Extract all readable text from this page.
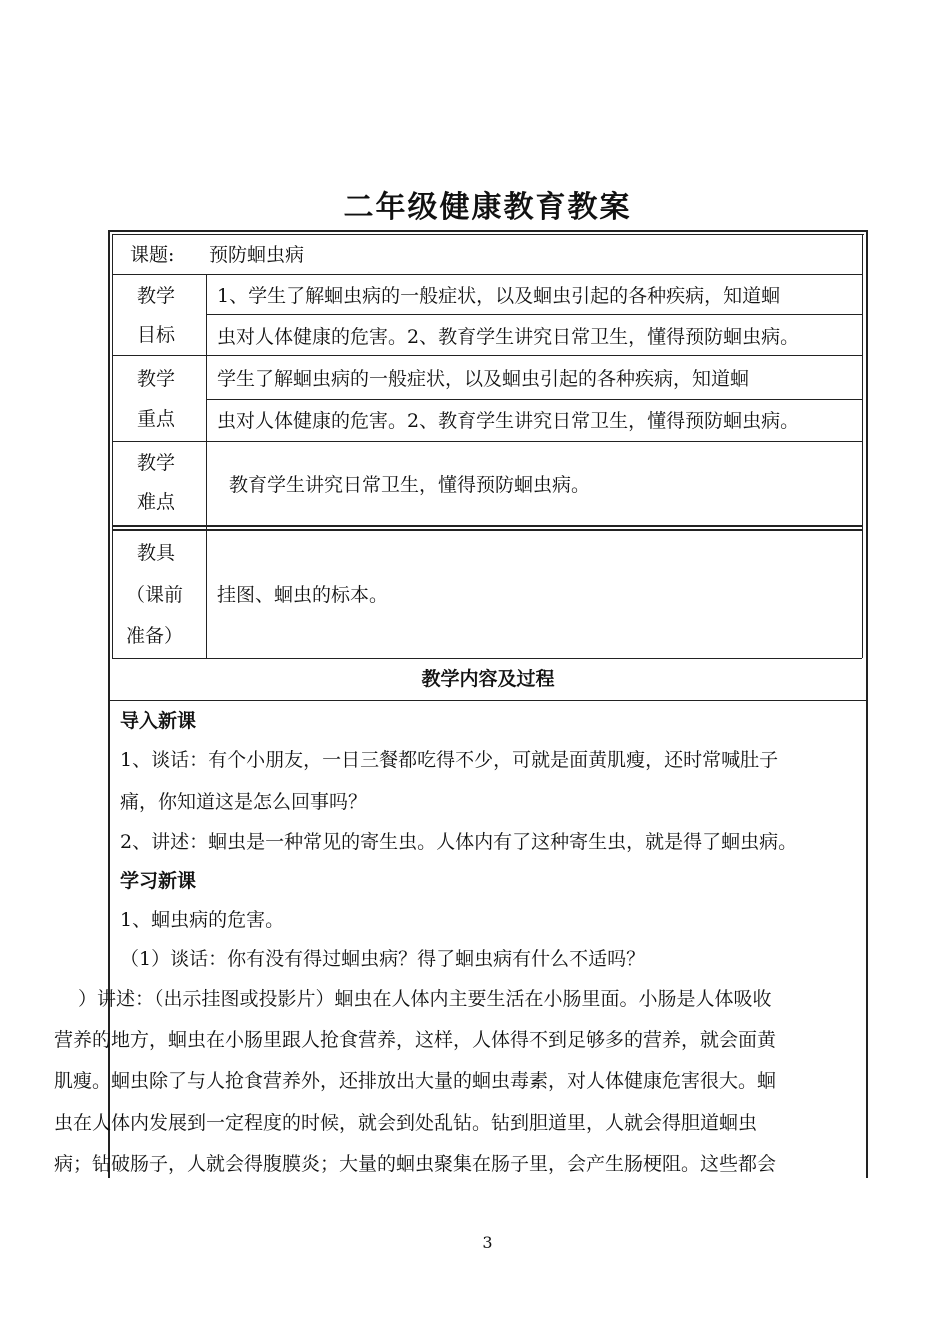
二年级健康教育教案
课题: 预防蛔虫病
教学
目标
1、学生了解蛔虫病的一般症状，以及蛔虫引起的各种疾病，知道蛔
虫对人体健康的危害。2、教育学生讲究日常卫生，懂得预防蛔虫病。
教学
重点
学生了解蛔虫病的一般症状，以及蛔虫引起的各种疾病，知道蛔
虫对人体健康的危害。2、教育学生讲究日常卫生，懂得预防蛔虫病。
教学
难点
教育学生讲究日常卫生，懂得预防蛔虫病。
教具
（课前
准备）
挂图、蛔虫的标本。
教学内容及过程
导入新课
1、谈话：有个小朋友，一日三餐都吃得不少，可就是面黄肌瘦，还时常喊肚子
痛，你知道这是怎么回事吗？
2、讲述：蛔虫是一种常见的寄生虫。人体内有了这种寄生虫，就是得了蛔虫病。
学习新课
1、蛔虫病的危害。
（1）谈话：你有没有得过蛔虫病？得了蛔虫病有什么不适吗？
）讲述：（出示挂图或投影片）蛔虫在人体内主要生活在小肠里面。小肠是人体吸收
营养的地方，蛔虫在小肠里跟人抢食营养，这样，人体得不到足够多的营养，就会面黄
肌瘦。蛔虫除了与人抢食营养外，还排放出大量的蛔虫毒素，对人体健康危害很大。蛔
虫在人体内发展到一定程度的时候，就会到处乱钻。钻到胆道里，人就会得胆道蛔虫
病；钻破肠子，人就会得腹膜炎；大量的蛔虫聚集在肠子里，会产生肠梗阻。这些都会
3
